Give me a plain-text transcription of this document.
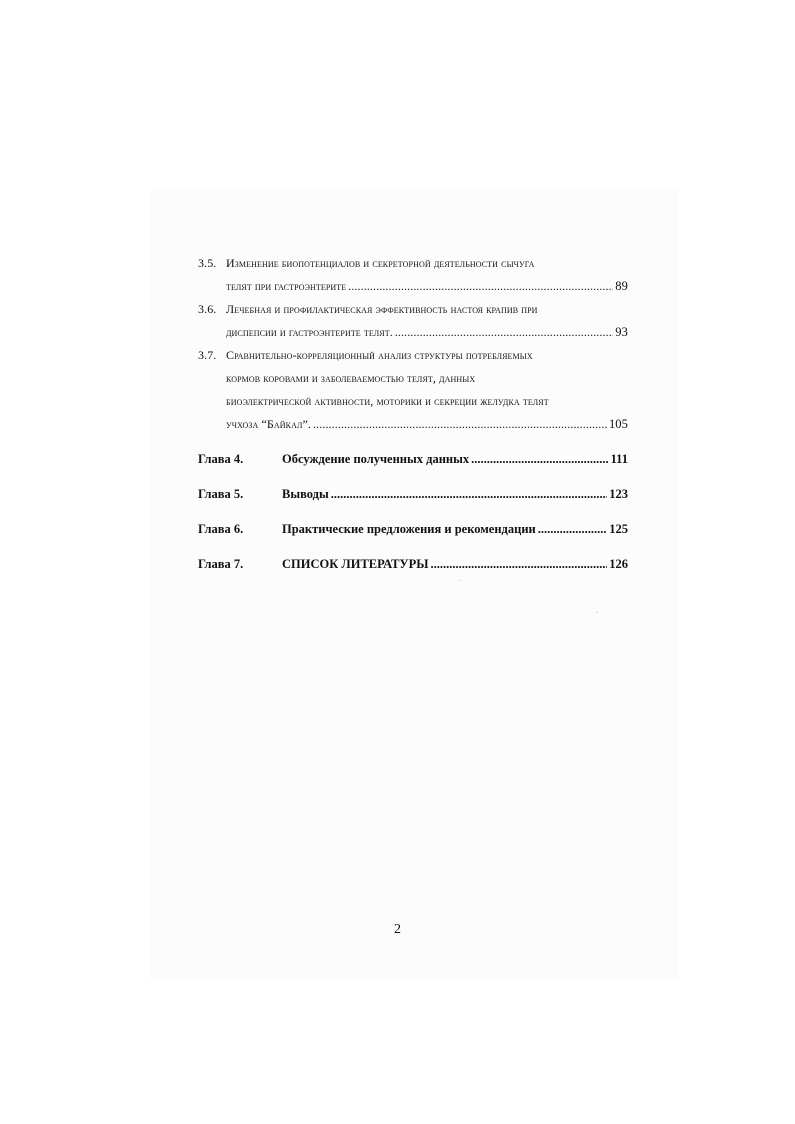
3.5. Изменение биопотенциалов и секреторной деятельности сычуга
телят при гастроэнтерите .....	89
3.6. Лечебная и профилактическая эффективность настоя крапив при
диспепсии и гастроэнтерите телят. .....	93
3.7. Сравнительно-корреляционный анализ структуры потребляемых
кормов коровами и заболеваемостью телят, данных
биоэлектрической активности, моторики и секреции желудка телят
учхоза “Байкал”. .....	105
Глава 4.	Обсуждение полученных данных .....	111
Глава 5.	Выводы .....	123
Глава 6.	Практические предложения и рекомендации .....	125
Глава 7.	СПИСОК ЛИТЕРАТУРЫ .....	126
2
